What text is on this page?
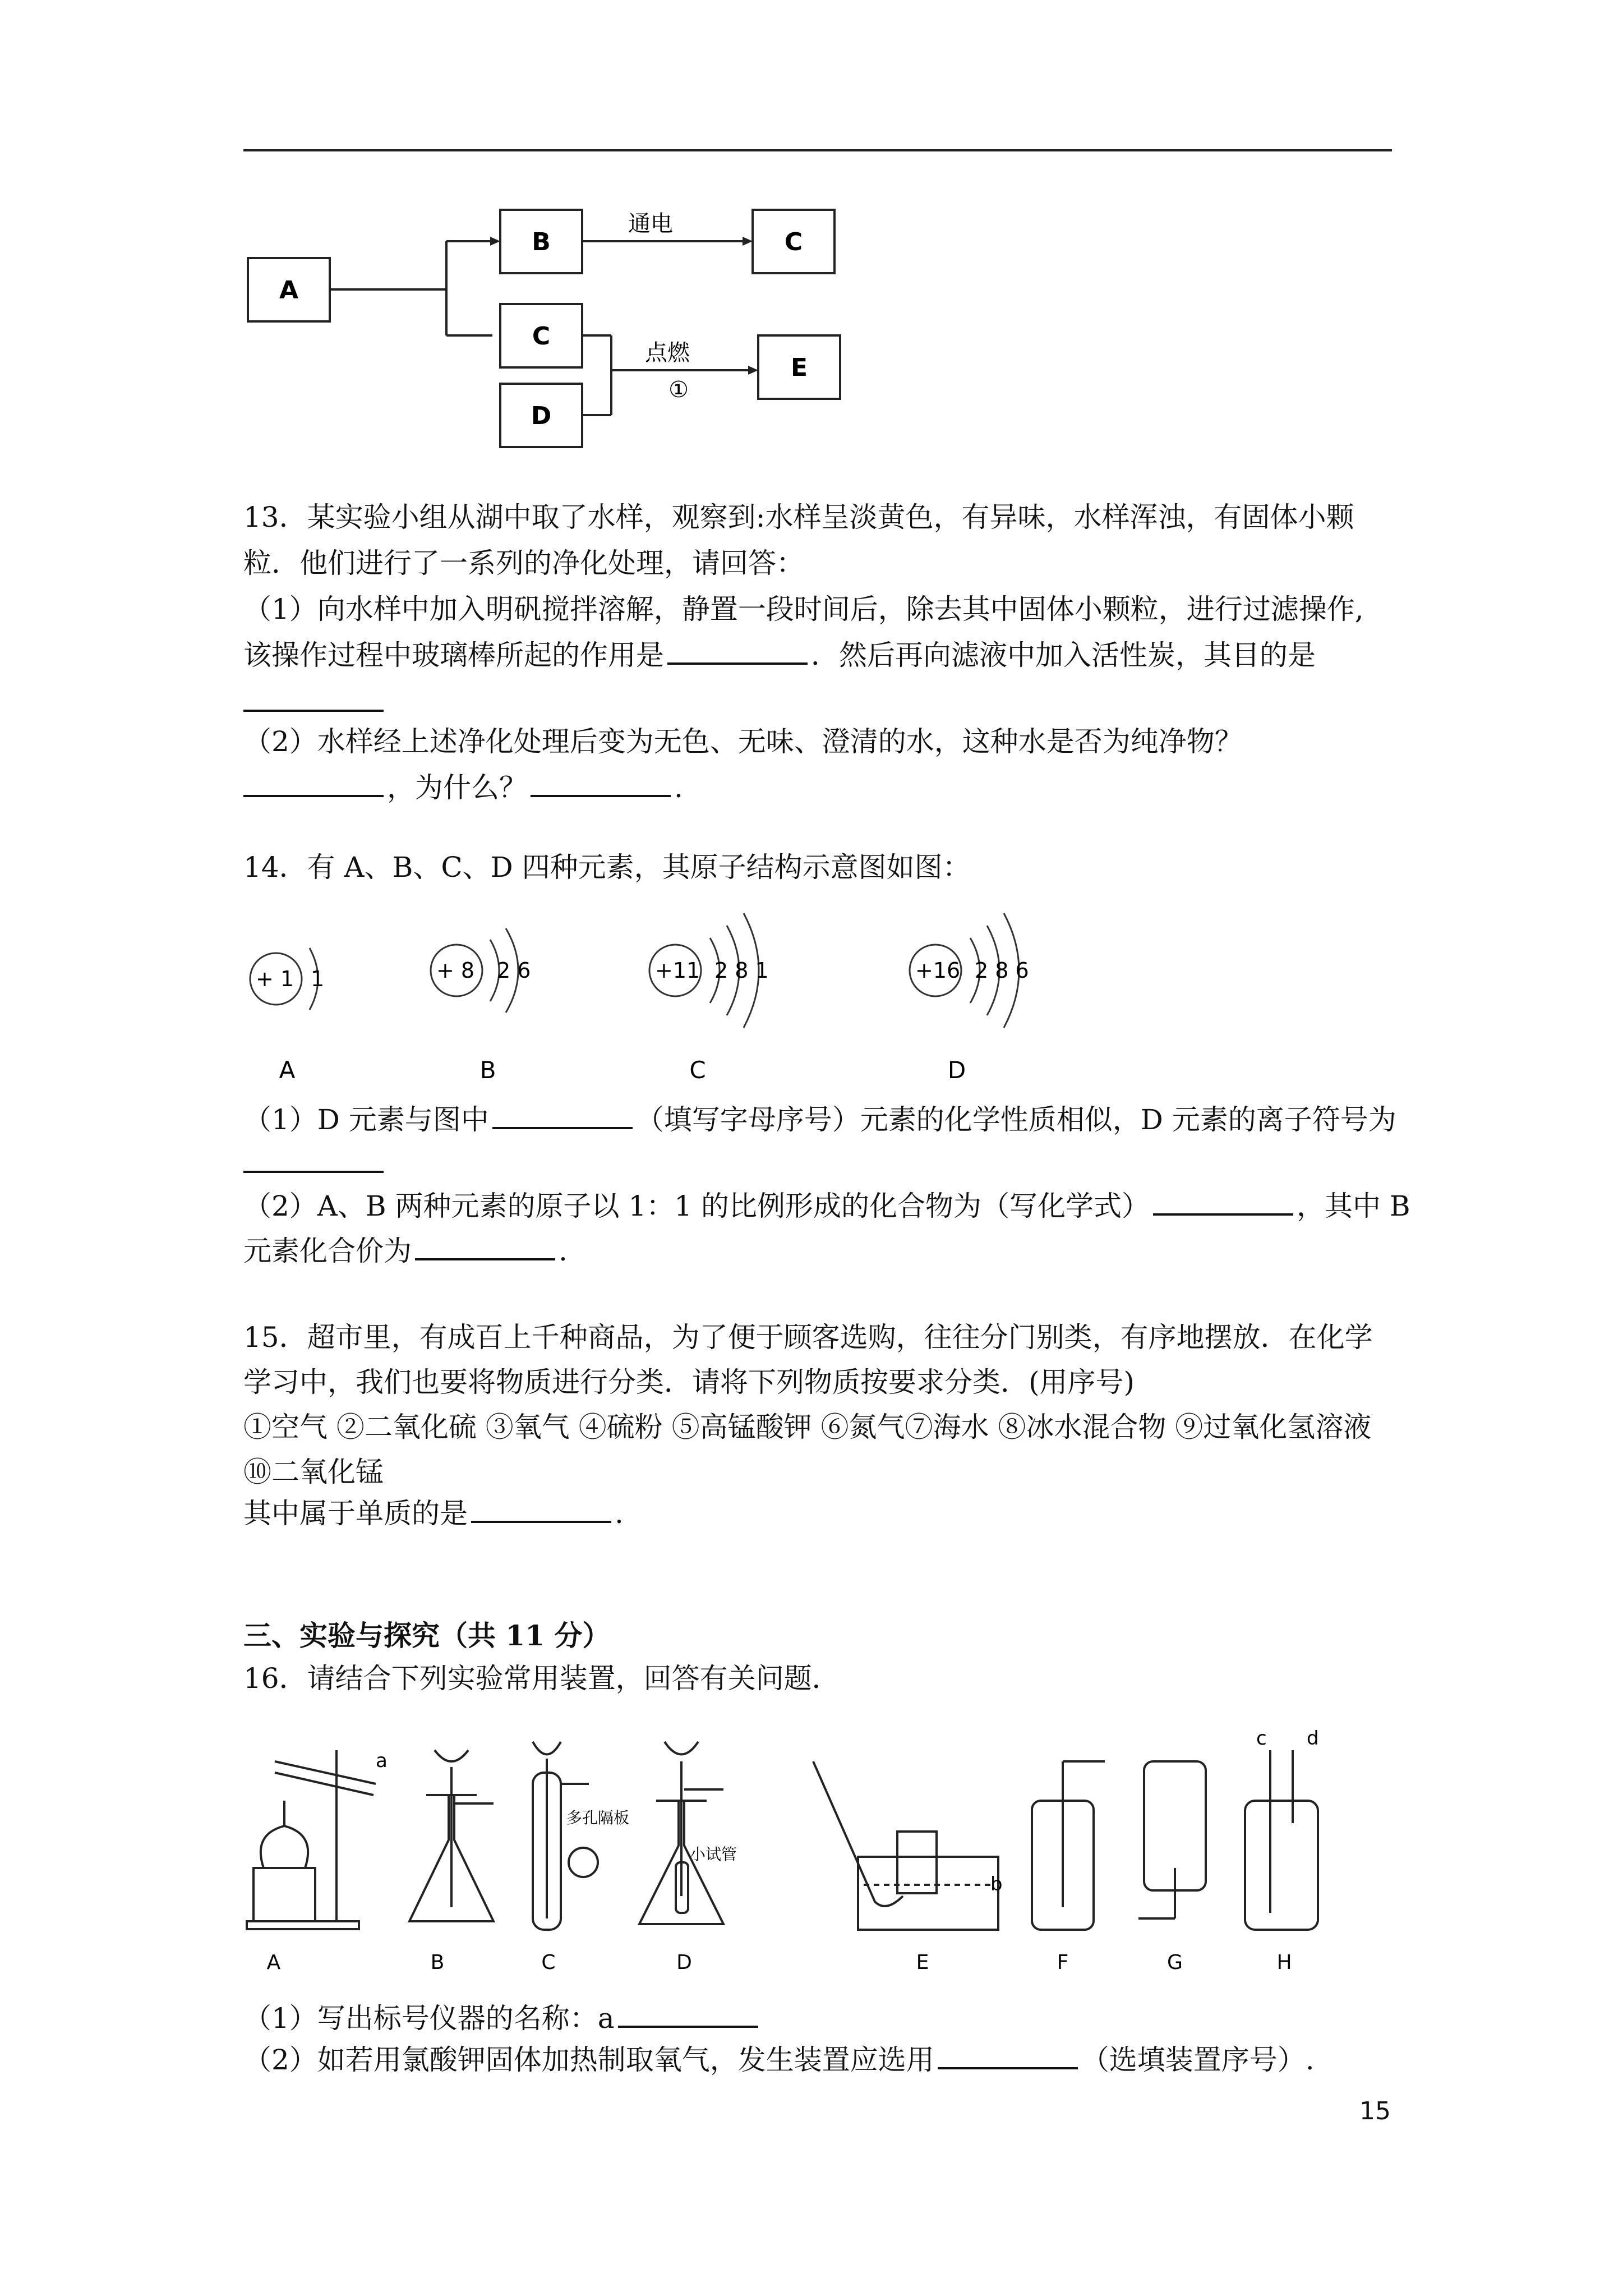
A
B	C
C
D
E
通电
点燃
①
13．某实验小组从湖中取了水样，观察到:水样呈淡黄色，有异味，水样浑浊，有固体小颗
粒．他们进行了一系列的净化处理，请回答：
（1）向水样中加入明矾搅拌溶解，静置一段时间后，除去其中固体小颗粒，进行过滤操作,
该操作过程中玻璃棒所起的作用是	．然后再向滤液中加入活性炭，其目的是
（2）水样经上述净化处理后变为无色、无味、澄清的水，这种水是否为纯净物？
，为什么？	.
14．有 A、B、C、D 四种元素，其原子结构示意图如图：
+ 1 1	+ 8 2 6	+11 2 8 1	+16 2 8 6
A	B	C	D
（1）D 元素与图中	（填写字母序号）元素的化学性质相似，D 元素的离子符号为
（2）A、B 两种元素的原子以 1：1 的比例形成的化合物为（写化学式）	，其中 B
元素化合价为	.
15．超市里，有成百上千种商品，为了便于顾客选购，往往分门别类，有序地摆放．在化学
学习中，我们也要将物质进行分类．请将下列物质按要求分类．(用序号)
①空气 ②二氧化硫 ③氧气 ④硫粉 ⑤高锰酸钾 ⑥氮气⑦海水 ⑧冰水混合物 ⑨过氧化氢溶液
⑩二氧化锰
其中属于单质的是	.
三、实验与探究（共 11 分）
16．请结合下列实验常用装置，回答有关问题．
a
b
c d
多孔隔板
小试管
A	B	C	D	E	F	G	H
（1）写出标号仪器的名称：a
（2）如若用氯酸钾固体加热制取氧气，发生装置应选用	（选填装置序号）.
15
